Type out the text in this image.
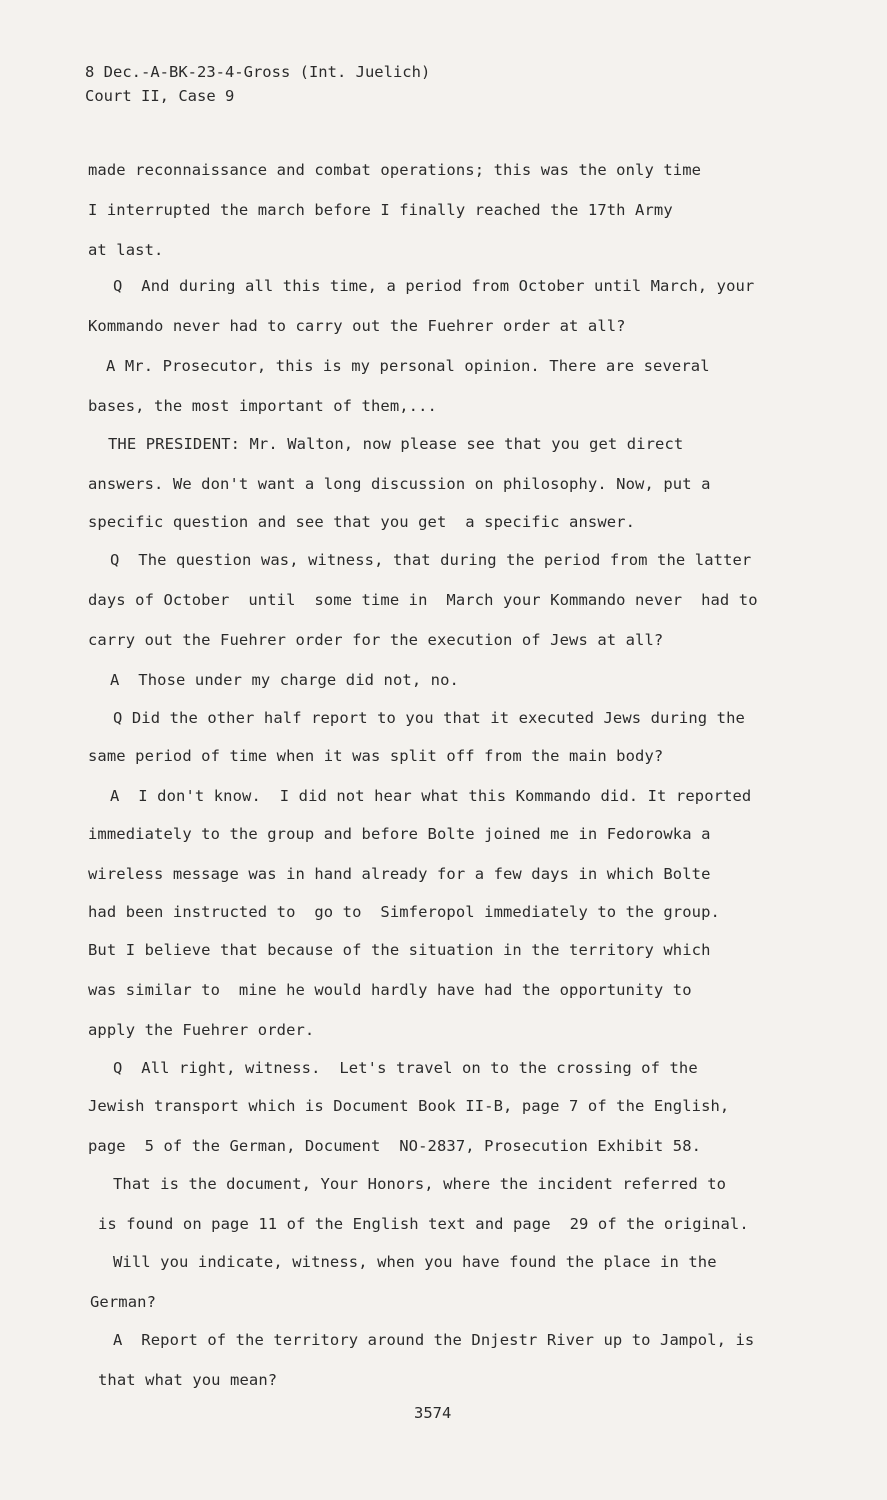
8 Dec.-A-BK-23-4-Gross (Int. Juelich)
Court II, Case 9
made reconnaissance and combat operations; this was the only time
I interrupted the march before I finally reached the 17th Army
at last.
Q  And during all this time, a period from October until March, your
Kommando never had to carry out the Fuehrer order at all?
A Mr. Prosecutor, this is my personal opinion. There are several
bases, the most important of them,...
THE PRESIDENT: Mr. Walton, now please see that you get direct
answers. We don't want a long discussion on philosophy. Now, put a
specific question and see that you get  a specific answer.
Q  The question was, witness, that during the period from the latter
days of October  until  some time in  March your Kommando never  had to
carry out the Fuehrer order for the execution of Jews at all?
A  Those under my charge did not, no.
Q Did the other half report to you that it executed Jews during the
same period of time when it was split off from the main body?
A  I don't know.  I did not hear what this Kommando did. It reported
immediately to the group and before Bolte joined me in Fedorowka a
wireless message was in hand already for a few days in which Bolte
had been instructed to  go to  Simferopol immediately to the group.
But I believe that because of the situation in the territory which
was similar to  mine he would hardly have had the opportunity to
apply the Fuehrer order.
Q  All right, witness.  Let's travel on to the crossing of the
Jewish transport which is Document Book II-B, page 7 of the English,
page  5 of the German, Document  NO-2837, Prosecution Exhibit 58.
That is the document, Your Honors, where the incident referred to
is found on page 11 of the English text and page  29 of the original.
Will you indicate, witness, when you have found the place in the
German?
A  Report of the territory around the Dnjestr River up to Jampol, is
that what you mean?
3574
